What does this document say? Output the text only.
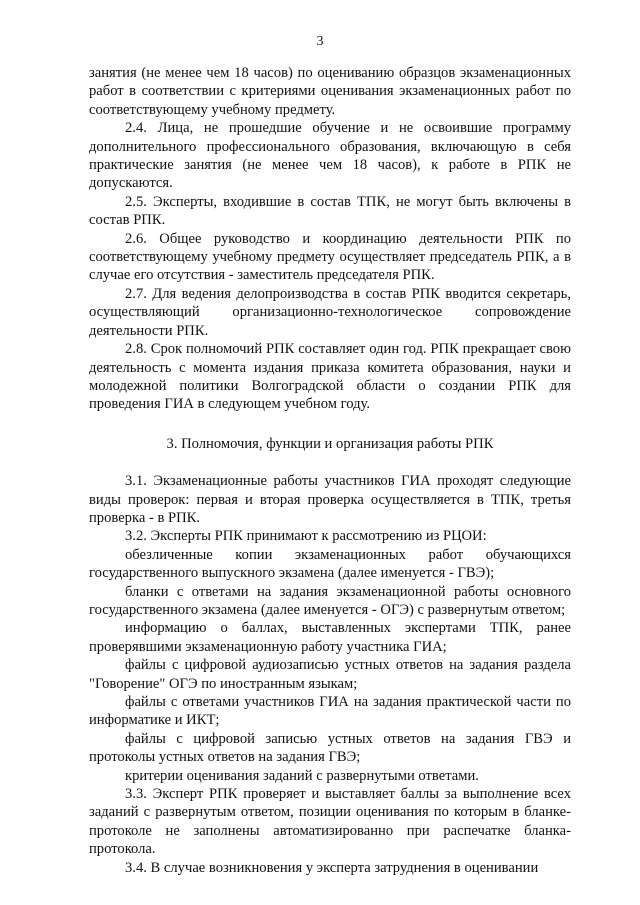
3

занятия (не менее чем 18 часов) по оцениванию образцов экзаменационных работ в соответствии с критериями оценивания экзаменационных работ по соответствующему учебному предмету.

2.4. Лица, не прошедшие обучение и не освоившие программу дополнительного профессионального образования, включающую в себя практические занятия (не менее чем 18 часов), к работе в РПК не допускаются.

2.5. Эксперты, входившие в состав ТПК, не могут быть включены в состав РПК.

2.6. Общее руководство и координацию деятельности РПК по соответствующему учебному предмету осуществляет председатель РПК, а в случае его отсутствия - заместитель председателя РПК.

2.7. Для ведения делопроизводства в состав РПК вводится секретарь, осуществляющий организационно-технологическое сопровождение деятельности РПК.

2.8. Срок полномочий РПК составляет один год. РПК прекращает свою деятельность с момента издания приказа комитета образования, науки и молодежной политики Волгоградской области о создании РПК для проведения ГИА в следующем учебном году.

3. Полномочия, функции и организация работы РПК

3.1. Экзаменационные работы участников ГИА проходят следующие виды проверок: первая и вторая проверка осуществляется в ТПК, третья проверка - в РПК.

3.2. Эксперты РПК принимают к рассмотрению из РЦОИ:

обезличенные копии экзаменационных работ обучающихся государственного выпускного экзамена (далее именуется - ГВЭ);

бланки с ответами на задания экзаменационной работы основного государственного экзамена (далее именуется - ОГЭ) с развернутым ответом;

информацию о баллах, выставленных экспертами ТПК, ранее проверявшими экзаменационную работу участника ГИА;

файлы с цифровой аудиозаписью устных ответов на задания раздела "Говорение" ОГЭ по иностранным языкам;

файлы с ответами участников ГИА на задания практической части по информатике и ИКТ;

файлы с цифровой записью устных ответов на задания ГВЭ и протоколы устных ответов на задания ГВЭ;

критерии оценивания заданий с развернутыми ответами.

3.3. Эксперт РПК проверяет и выставляет баллы за выполнение всех заданий с развернутым ответом, позиции оценивания по которым в бланке-протоколе не заполнены автоматизированно при распечатке бланка-протокола.

3.4. В случае возникновения у эксперта затруднения в оценивании
